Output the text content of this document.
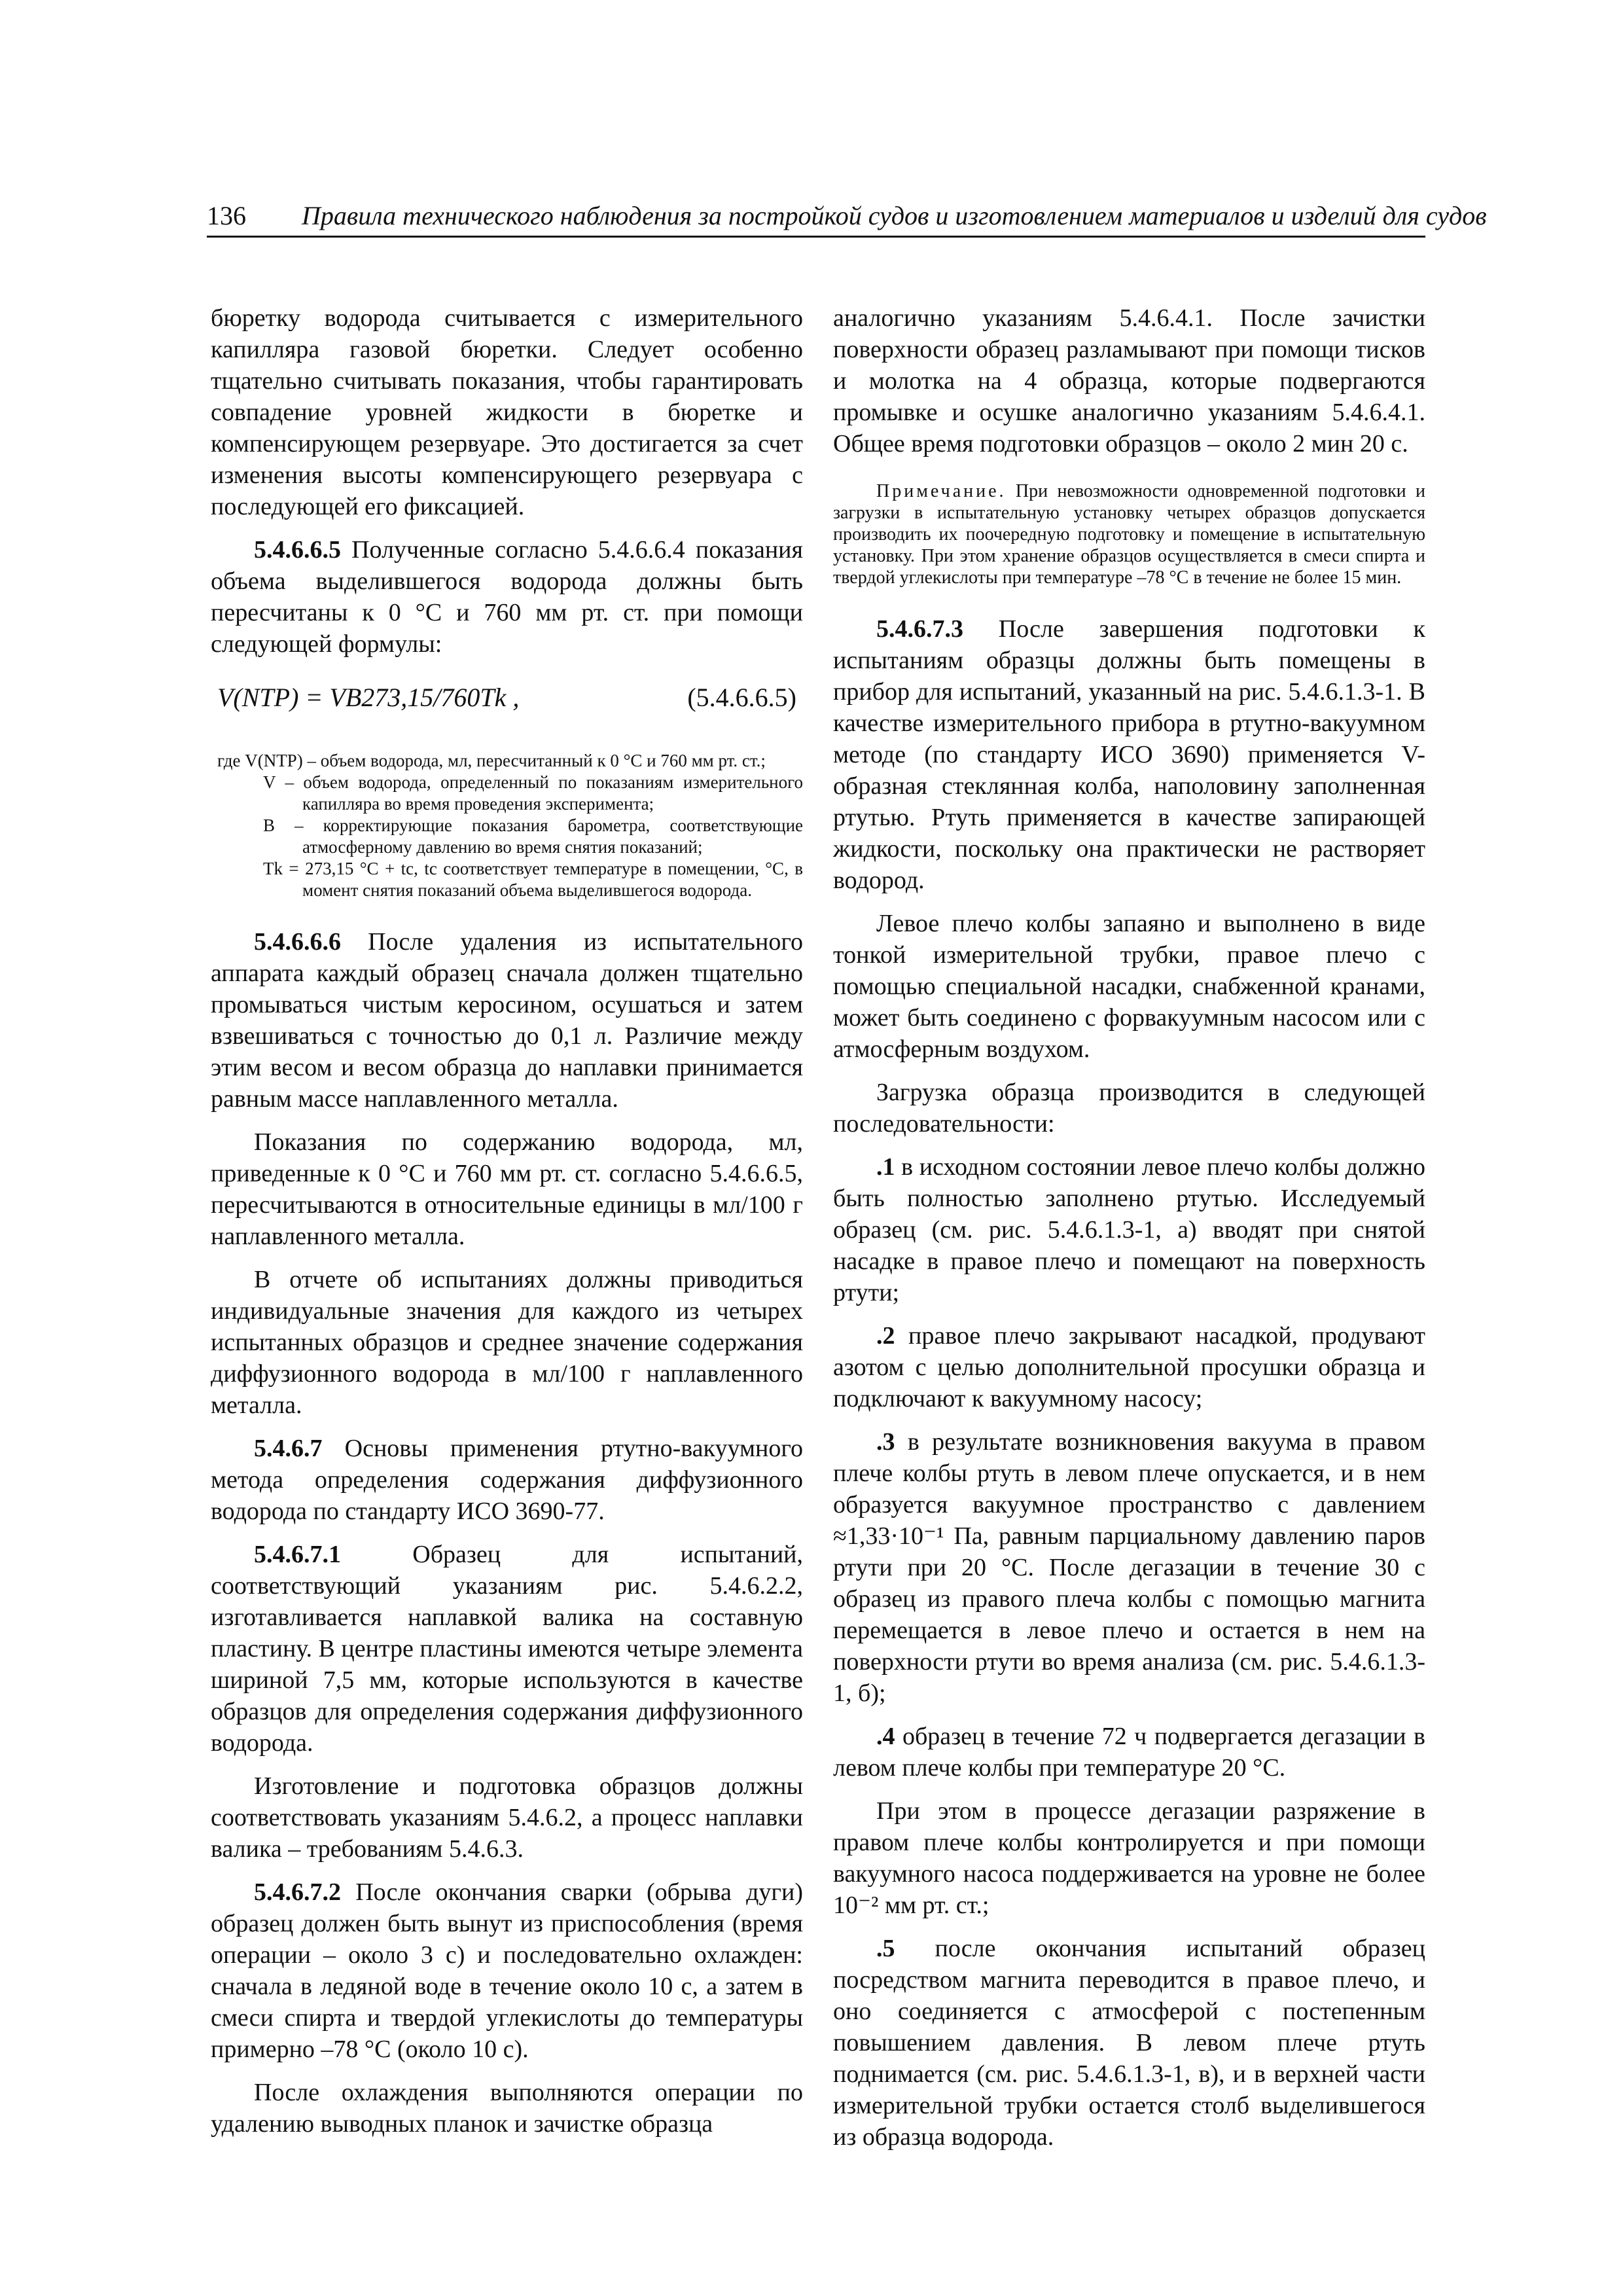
136 Правила технического наблюдения за постройкой судов и изготовлением материалов и изделий для судов

бюретку водорода считывается с измерительного капилляра газовой бюретки. Следует особенно тщательно считывать показания, чтобы гарантировать совпадение уровней жидкости в бюретке и компенсирующем резервуаре. Это достигается за счет изменения высоты компенсирующего резервуара с последующей его фиксацией.

5.4.6.6.5 Полученные согласно 5.4.6.6.4 показания объема выделившегося водорода должны быть пересчитаны к 0 °С и 760 мм рт. ст. при помощи следующей формулы:

V(NTP) = VB273,15/760Tk ,	(5.4.6.6.5)

где V(NTP) – объем водорода, мл, пересчитанный к 0 °С и 760 мм рт. ст.;

V – объем водорода, определенный по показаниям измерительного капилляра во время проведения эксперимента;

B – корректирующие показания барометра, соответствующие атмосферному давлению во время снятия показаний;

Tk = 273,15 °С + tc, tc соответствует температуре в помещении, °С, в момент снятия показаний объема выделившегося водорода.

5.4.6.6.6 После удаления из испытательного аппарата каждый образец сначала должен тщательно промываться чистым керосином, осушаться и затем взвешиваться с точностью до 0,1 л. Различие между этим весом и весом образца до наплавки принимается равным массе наплавленного металла.

Показания по содержанию водорода, мл, приведенные к 0 °С и 760 мм рт. ст. согласно 5.4.6.6.5, пересчитываются в относительные единицы в мл/100 г наплавленного металла.

В отчете об испытаниях должны приводиться индивидуальные значения для каждого из четырех испытанных образцов и среднее значение содержания диффузионного водорода в мл/100 г наплавленного металла.

5.4.6.7 Основы применения ртутно-вакуумного метода определения содержания диффузионного водорода по стандарту ИСО 3690-77.

5.4.6.7.1 Образец для испытаний, соответствующий указаниям рис. 5.4.6.2.2, изготавливается наплавкой валика на составную пластину. В центре пластины имеются четыре элемента шириной 7,5 мм, которые используются в качестве образцов для определения содержания диффузионного водорода.

Изготовление и подготовка образцов должны соответствовать указаниям 5.4.6.2, а процесс наплавки валика – требованиям 5.4.6.3.

5.4.6.7.2 После окончания сварки (обрыва дуги) образец должен быть вынут из приспособления (время операции – около 3 с) и последовательно охлажден: сначала в ледяной воде в течение около 10 с, а затем в смеси спирта и твердой углекислоты до температуры примерно –78 °С (около 10 с).

После охлаждения выполняются операции по удалению выводных планок и зачистке образца

аналогично указаниям 5.4.6.4.1. После зачистки поверхности образец разламывают при помощи тисков и молотка на 4 образца, которые подвергаются промывке и осушке аналогично указаниям 5.4.6.4.1. Общее время подготовки образцов – около 2 мин 20 с.

Примечание. При невозможности одновременной подготовки и загрузки в испытательную установку четырех образцов допускается производить их поочередную подготовку и помещение в испытательную установку. При этом хранение образцов осуществляется в смеси спирта и твердой углекислоты при температуре –78 °С в течение не более 15 мин.

5.4.6.7.3 После завершения подготовки к испытаниям образцы должны быть помещены в прибор для испытаний, указанный на рис. 5.4.6.1.3-1. В качестве измерительного прибора в ртутно-вакуумном методе (по стандарту ИСО 3690) применяется V-образная стеклянная колба, наполовину заполненная ртутью. Ртуть применяется в качестве запирающей жидкости, поскольку она практически не растворяет водород.

Левое плечо колбы запаяно и выполнено в виде тонкой измерительной трубки, правое плечо с помощью специальной насадки, снабженной кранами, может быть соединено с форвакуумным насосом или с атмосферным воздухом.

Загрузка образца производится в следующей последовательности:

.1 в исходном состоянии левое плечо колбы должно быть полностью заполнено ртутью. Исследуемый образец (см. рис. 5.4.6.1.3-1, а) вводят при снятой насадке в правое плечо и помещают на поверхность ртути;

.2 правое плечо закрывают насадкой, продувают азотом с целью дополнительной просушки образца и подключают к вакуумному насосу;

.3 в результате возникновения вакуума в правом плече колбы ртуть в левом плече опускается, и в нем образуется вакуумное пространство с давлением ≈1,33·10⁻¹ Па, равным парциальному давлению паров ртути при 20 °С. После дегазации в течение 30 с образец из правого плеча колбы с помощью магнита перемещается в левое плечо и остается в нем на поверхности ртути во время анализа (см. рис. 5.4.6.1.3-1, б);

.4 образец в течение 72 ч подвергается дегазации в левом плече колбы при температуре 20 °С.

При этом в процессе дегазации разряжение в правом плече колбы контролируется и при помощи вакуумного насоса поддерживается на уровне не более 10⁻² мм рт. ст.;

.5 после окончания испытаний образец посредством магнита переводится в правое плечо, и оно соединяется с атмосферой с постепенным повышением давления. В левом плече ртуть поднимается (см. рис. 5.4.6.1.3-1, в), и в верхней части измерительной трубки остается столб выделившегося из образца водорода.
